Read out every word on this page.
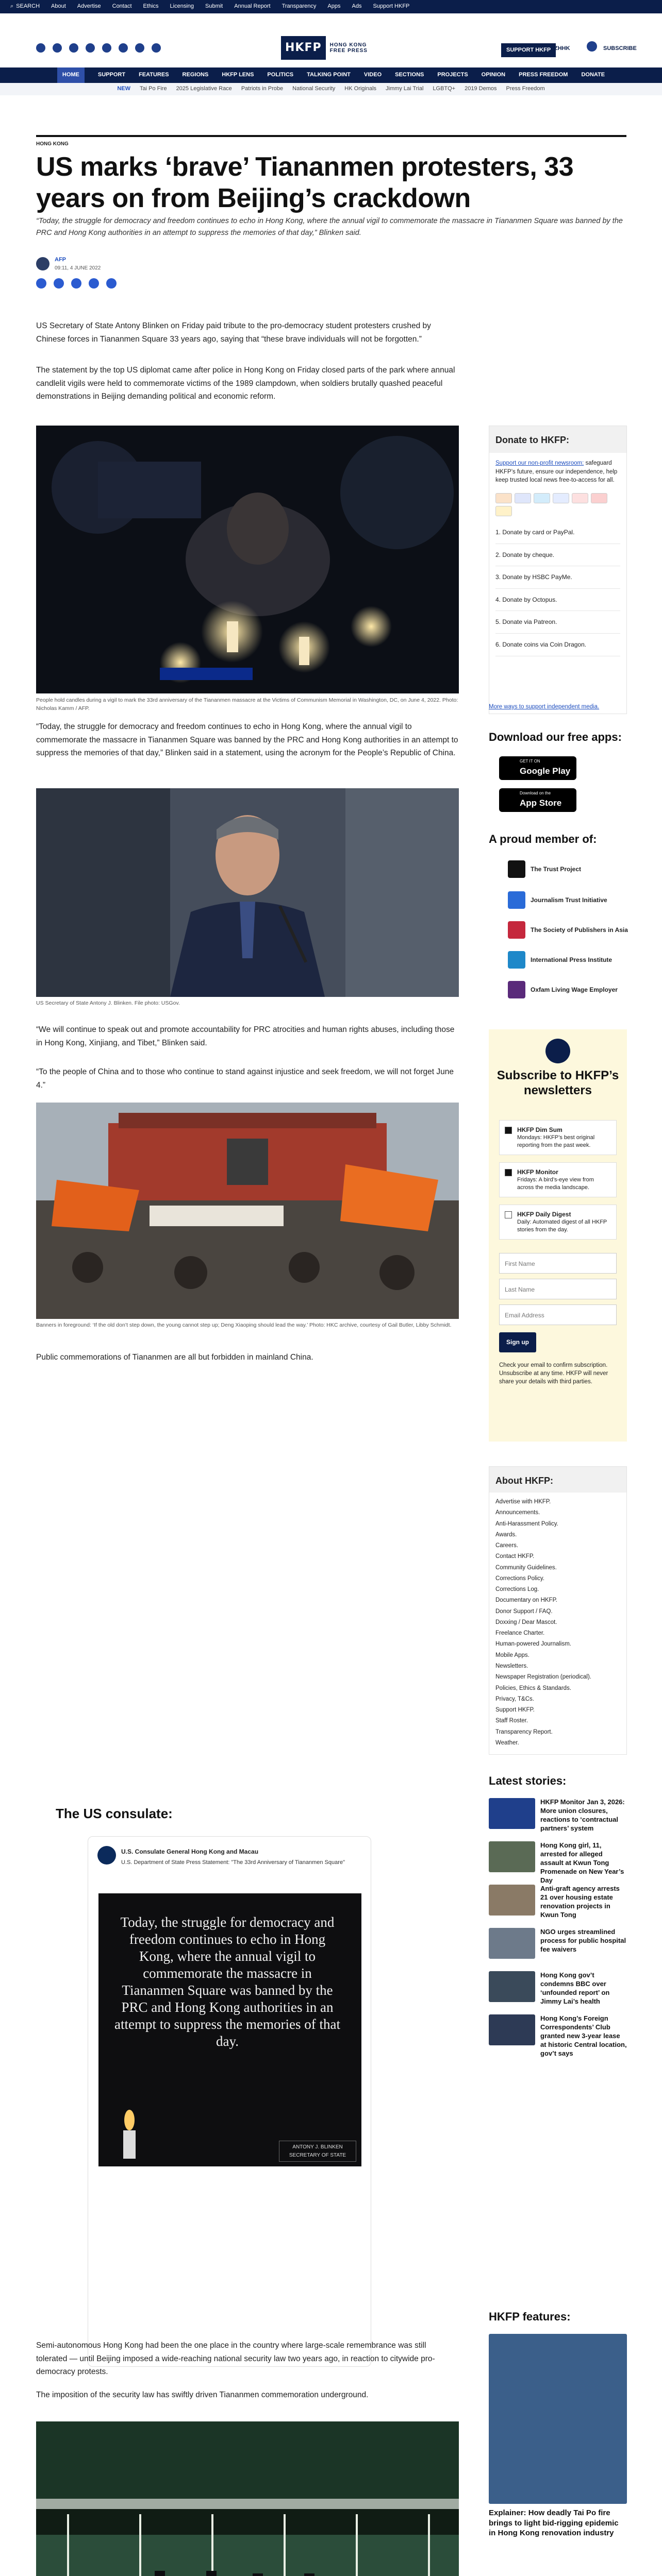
⌕ SEARCH About Advertise Contact Ethics Licensing Submit Annual Report Transparency Apps Ads Support HKFP
HKFP	HONG KONG FREE PRESS	SUPPORT HKFP ZHHK	SUBSCRIBE
HOME	SUPPORT FEATURES REGIONS HKFP LENS POLITICS TALKING POINT VIDEO SECTIONS PROJECTS OPINION PRESS FREEDOM DONATE
NEW Tai Po Fire 2025 Legislative Race Patriots in Probe National Security HK Originals Jimmy Lai Trial LGBTQ+ 2019 Demos Press Freedom
HONG KONG
US marks ‘brave’ Tiananmen protesters, 33 years on from Beijing’s crackdown
“Today, the struggle for democracy and freedom continues to echo in Hong Kong, where the annual vigil to commemorate the massacre in Tiananmen Square was banned by the PRC and Hong Kong authorities in an attempt to suppress the memories of that day,” Blinken said.
AFP
09:11, 4 JUNE 2022
US Secretary of State Antony Blinken on Friday paid tribute to the pro-democracy student protesters crushed by Chinese forces in Tiananmen Square 33 years ago, saying that “these brave individuals will not be forgotten.”
The statement by the top US diplomat came after police in Hong Kong on Friday closed parts of the park where annual candlelit vigils were held to commemorate victims of the 1989 clampdown, when soldiers brutally quashed peaceful demonstrations in Beijing demanding political and economic reform.
People hold candles during a vigil to mark the 33rd anniversary of the Tiananmen massacre at the Victims of Communism Memorial in Washington, DC, on June 4, 2022. Photo: Nicholas Kamm / AFP.
“Today, the struggle for democracy and freedom continues to echo in Hong Kong, where the annual vigil to commemorate the massacre in Tiananmen Square was banned by the PRC and Hong Kong authorities in an attempt to suppress the memories of that day,” Blinken said in a statement, using the acronym for the People’s Republic of China.
US Secretary of State Antony J. Blinken. File photo: USGov.
“We will continue to speak out and promote accountability for PRC atrocities and human rights abuses, including those in Hong Kong, Xinjiang, and Tibet,” Blinken said.
“To the people of China and to those who continue to stand against injustice and seek freedom, we will not forget June 4.”
Banners in foreground: ‘If the old don’t step down, the young cannot step up; Deng Xiaoping should lead the way.’ Photo: HKC archive, courtesy of Gail Butler, Libby Schmidt.
Public commemorations of Tiananmen are all but forbidden in mainland China.
The US consulate:
U.S. Consulate General Hong Kong and Macau
U.S. Department of State Press Statement: "The 33rd Anniversary of Tiananmen Square"
Today, the struggle for democracy and freedom continues to echo in Hong Kong, where the annual vigil to commemorate the massacre in Tiananmen Square was banned by the PRC and Hong Kong authorities in an attempt to suppress the memories of that day.
ANTONY J. BLINKEN
SECRETARY OF STATE
Semi-autonomous Hong Kong had been the one place in the country where large-scale remembrance was still tolerated — until Beijing imposed a wide-reaching national security law two years ago, in reaction to citywide pro-democracy protests.
The imposition of the security law has swiftly driven Tiananmen commemoration underground.
Donate to HKFP:
Support our non-profit newsroom: safeguard HKFP’s future, ensure our independence, help keep trusted local news free-to-access for all.
1. Donate by card or PayPal.
2. Donate by cheque.
3. Donate by HSBC PayMe.
4. Donate by Octopus.
5. Donate via Patreon.
6. Donate coins via Coin Dragon.
More ways to support independent media.
Download our free apps:
GET IT ON
Google Play
Download on the
App Store
A proud member of:
The Trust Project
Journalism Trust Initiative
The Society of Publishers in Asia
International Press Institute
Oxfam Living Wage Employer
Subscribe to HKFP’s newsletters
HKFP Dim Sum
Mondays: HKFP’s best original reporting from the past week.
HKFP Monitor
Fridays: A bird’s-eye view from across the media landscape.
HKFP Daily Digest
Daily: Automated digest of all HKFP stories from the day.
First Name
Last Name
Email Address
Sign up
Check your email to confirm subscription. Unsubscribe at any time. HKFP will never share your details with third parties.
About HKFP:
Advertise with HKFP.
Announcements.
Anti-Harassment Policy.
Awards.
Careers.
Contact HKFP.
Community Guidelines.
Corrections Policy.
Corrections Log.
Documentary on HKFP.
Donor Support / FAQ.
Doxxing / Dear Mascot.
Freelance Charter.
Human-powered Journalism.
Mobile Apps.
Newsletters.
Newspaper Registration (periodical).
Policies, Ethics & Standards.
Privacy, T&Cs.
Support HKFP.
Staff Roster.
Transparency Report.
Weather.
Latest stories:
HKFP Monitor Jan 3, 2026: More union closures, reactions to ‘contractual partners’ system
Hong Kong girl, 11, arrested for alleged assault at Kwun Tong Promenade on New Year’s Day
Anti-graft agency arrests 21 over housing estate renovation projects in Kwun Tong
NGO urges streamlined process for public hospital fee waivers
Hong Kong gov’t condemns BBC over ‘unfounded report’ on Jimmy Lai’s health
Hong Kong’s Foreign Correspondents’ Club granted new 3-year lease at historic Central location, gov’t says
HKFP features:
Explainer: How deadly Tai Po fire brings to light bid-rigging epidemic in Hong Kong renovation industry
